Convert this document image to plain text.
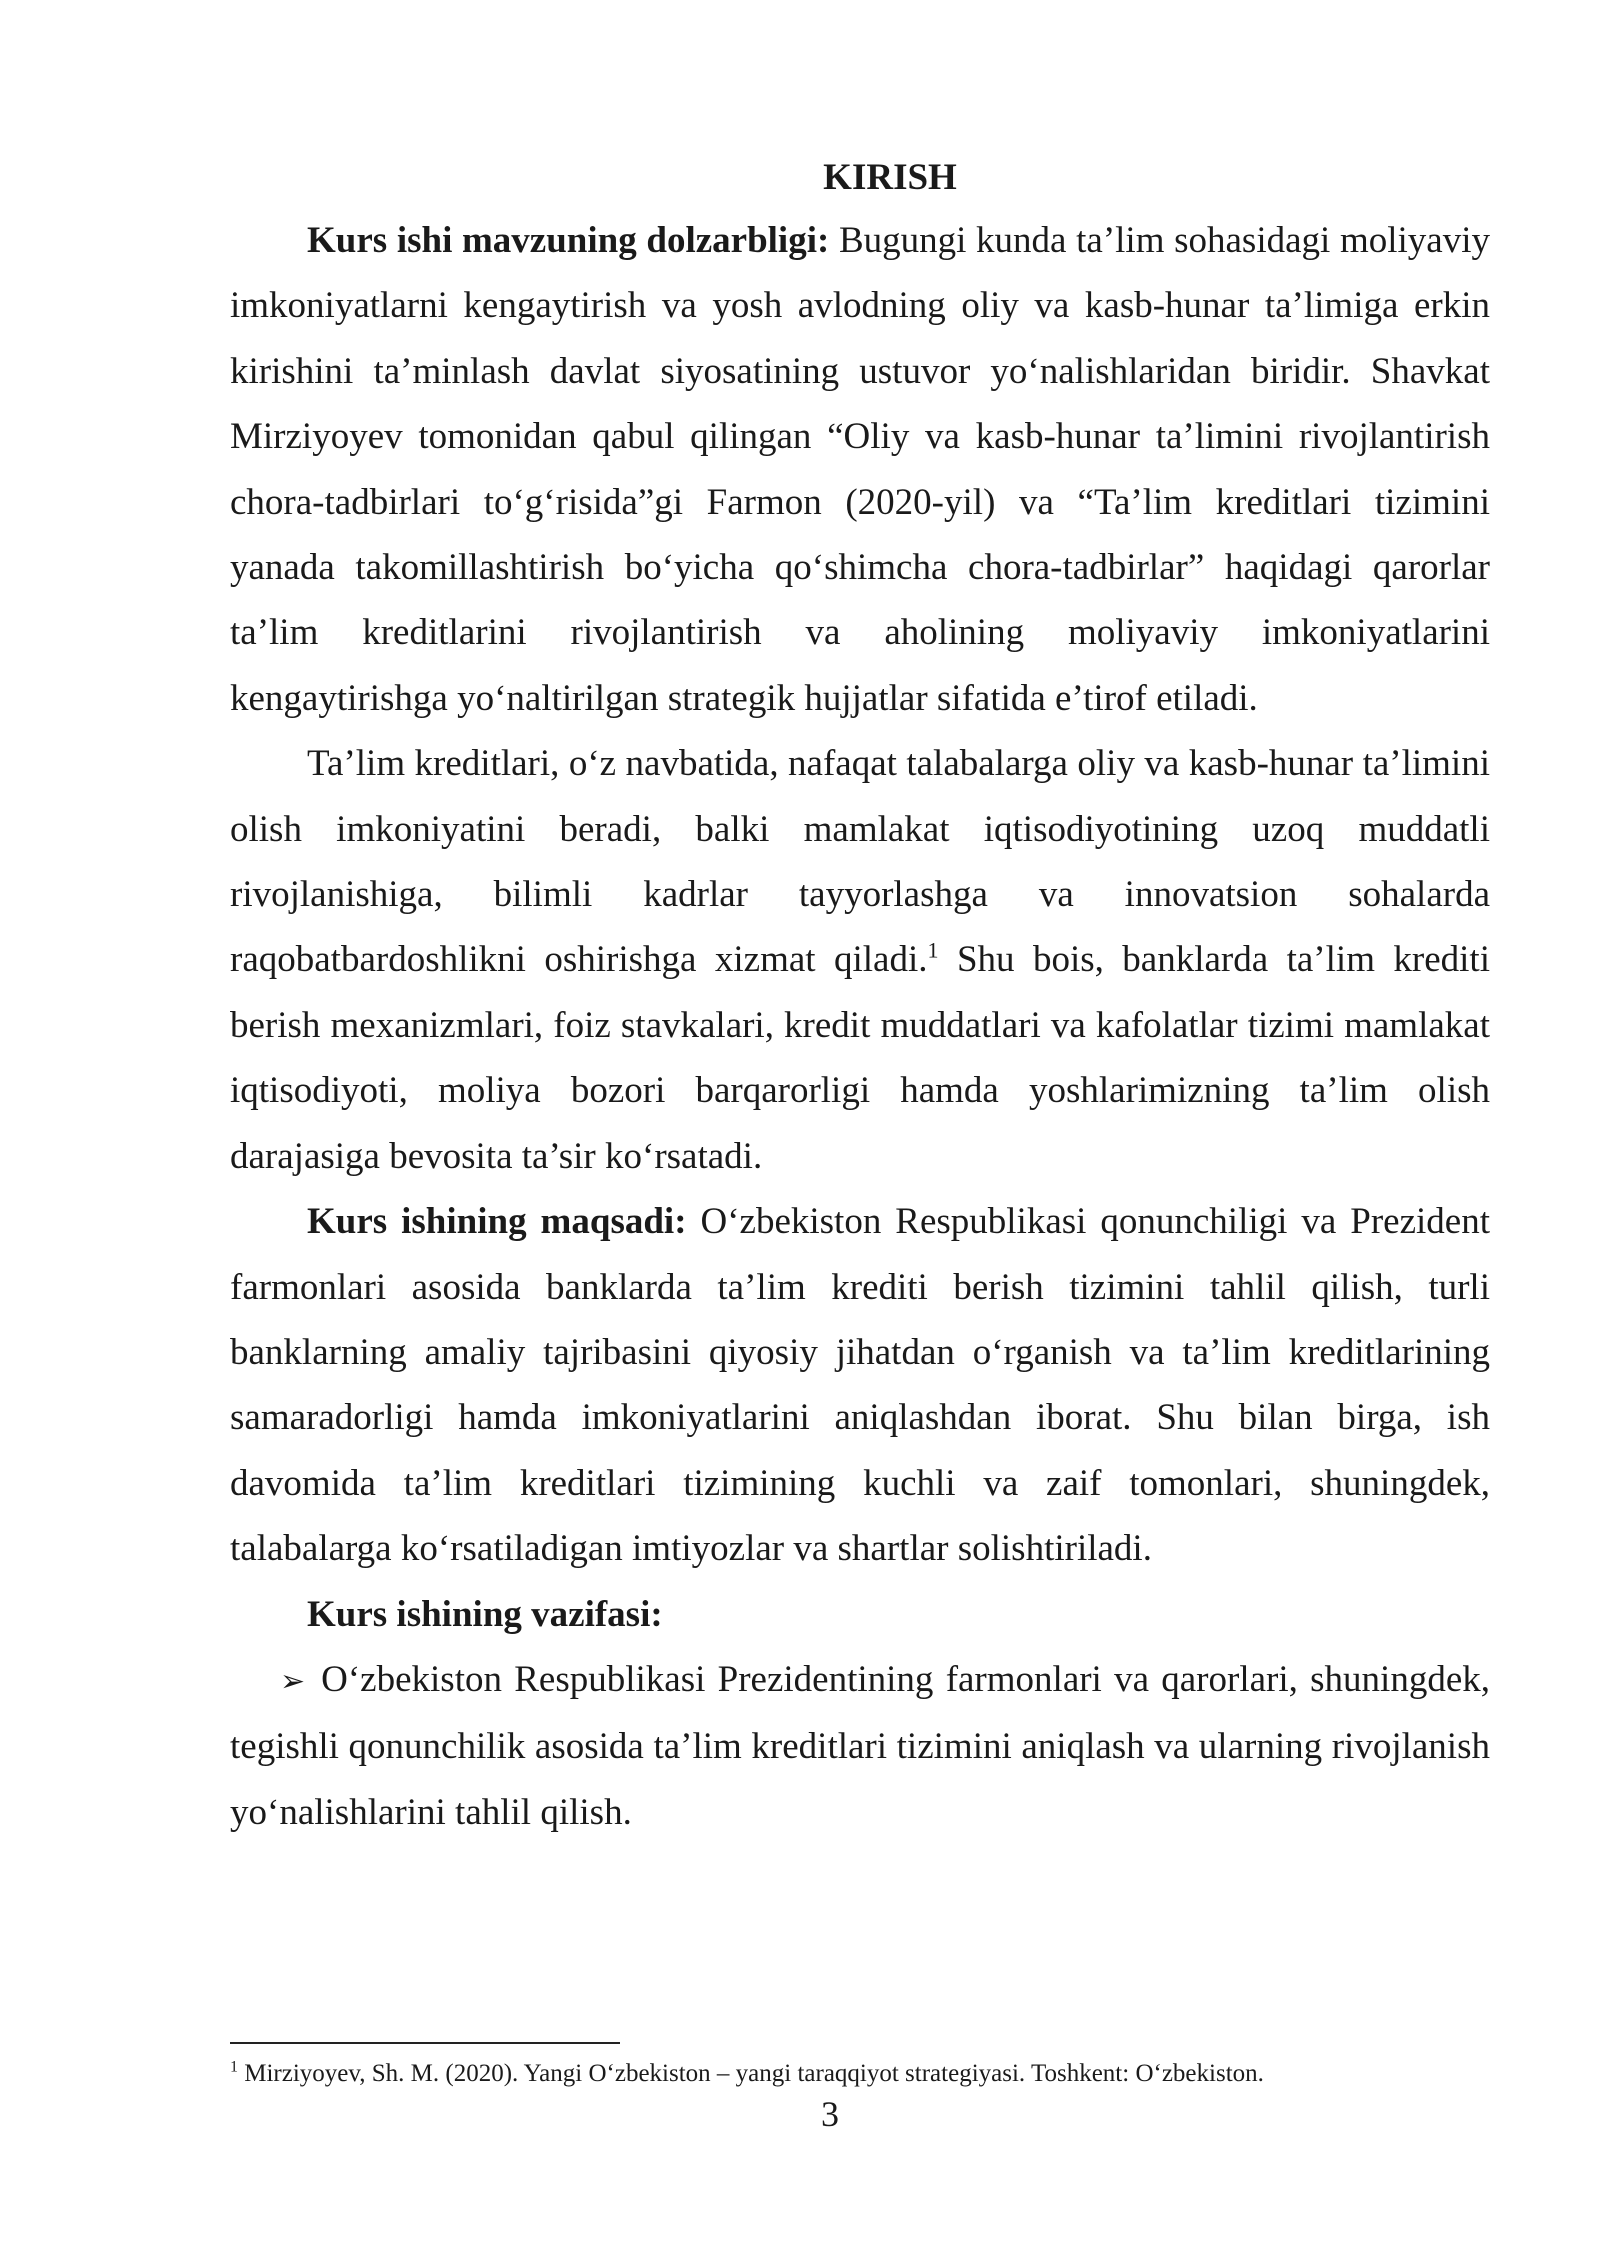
KIRISH

Kurs ishi mavzuning dolzarbligi: Bugungi kunda ta’lim sohasidagi moliyaviy imkoniyatlarni kengaytirish va yosh avlodning oliy va kasb-hunar ta’limiga erkin kirishini ta’minlash davlat siyosatining ustuvor yo‘nalishlaridan biridir. Shavkat Mirziyoyev tomonidan qabul qilingan “Oliy va kasb-hunar ta’limini rivojlantirish chora-tadbirlari to‘g‘risida”gi Farmon (2020-yil) va “Ta’lim kreditlari tizimini yanada takomillashtirish bo‘yicha qo‘shimcha chora-tadbirlar” haqidagi qarorlar ta’lim kreditlarini rivojlantirish va aholining moliyaviy imkoniyatlarini kengaytirishga yo‘naltirilgan strategik hujjatlar sifatida e’tirof etiladi.

Ta’lim kreditlari, o‘z navbatida, nafaqat talabalarga oliy va kasb-hunar ta’limini olish imkoniyatini beradi, balki mamlakat iqtisodiyotining uzoq muddatli rivojlanishiga, bilimli kadrlar tayyorlashga va innovatsion sohalarda raqobatbardoshlikni oshirishga xizmat qiladi.$^1$ Shu bois, banklarda ta’lim krediti berish mexanizmlari, foiz stavkalari, kredit muddatlari va kafolatlar tizimi mamlakat iqtisodiyoti, moliya bozori barqarorligi hamda yoshlarimizning ta’lim olish darajasiga bevosita ta’sir ko‘rsatadi.

Kurs ishining maqsadi: O‘zbekiston Respublikasi qonunchiligi va Prezident farmonlari asosida banklarda ta’lim krediti berish tizimini tahlil qilish, turli banklarning amaliy tajribasini qiyosiy jihatdan o‘rganish va ta’lim kreditlarining samaradorligi hamda imkoniyatlarini aniqlashdan iborat. Shu bilan birga, ish davomida ta’lim kreditlari tizimining kuchli va zaif tomonlari, shuningdek, talabalarga ko‘rsatiladigan imtiyozlar va shartlar solishtiriladi.

Kurs ishining vazifasi:

➢ O‘zbekiston Respublikasi Prezidentining farmonlari va qarorlari, shuningdek, tegishli qonunchilik asosida ta’lim kreditlari tizimini aniqlash va ularning rivojlanish yo‘nalishlarini tahlil qilish.

$^1$ Mirziyoyev, Sh. M. (2020). Yangi O‘zbekiston – yangi taraqqiyot strategiyasi. Toshkent: O‘zbekiston.
3
